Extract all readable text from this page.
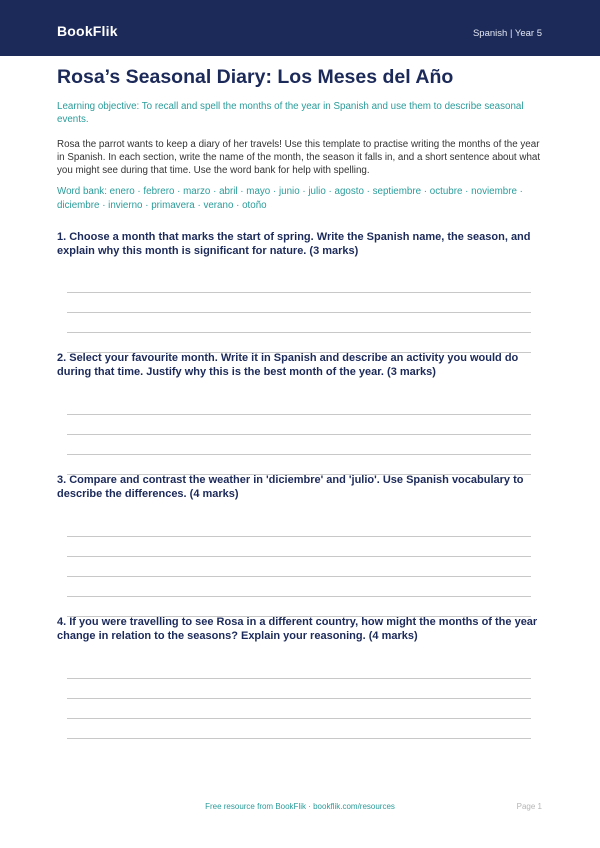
BookFlik	Spanish | Year 5
Rosa’s Seasonal Diary: Los Meses del Año

Learning objective: To recall and spell the months of the year in Spanish and use them to describe seasonal events.

Rosa the parrot wants to keep a diary of her travels! Use this template to practise writing the months of the year in Spanish. In each section, write the name of the month, the season it falls in, and a short sentence about what you might see during that time. Use the word bank for help with spelling.

Word bank: enero · febrero · marzo · abril · mayo · junio · julio · agosto · septiembre · octubre · noviembre · diciembre · invierno · primavera · verano · otoño

1. Choose a month that marks the start of spring. Write the Spanish name, the season, and explain why this month is significant for nature. (3 marks)

2. Select your favourite month. Write it in Spanish and describe an activity you would do during that time. Justify why this is the best month of the year. (3 marks)

3. Compare and contrast the weather in 'diciembre' and 'julio'. Use Spanish vocabulary to describe the differences. (4 marks)

4. If you were travelling to see Rosa in a different country, how might the months of the year change in relation to the seasons? Explain your reasoning. (4 marks)

Free resource from BookFlik · bookflik.com/resources	Page 1
